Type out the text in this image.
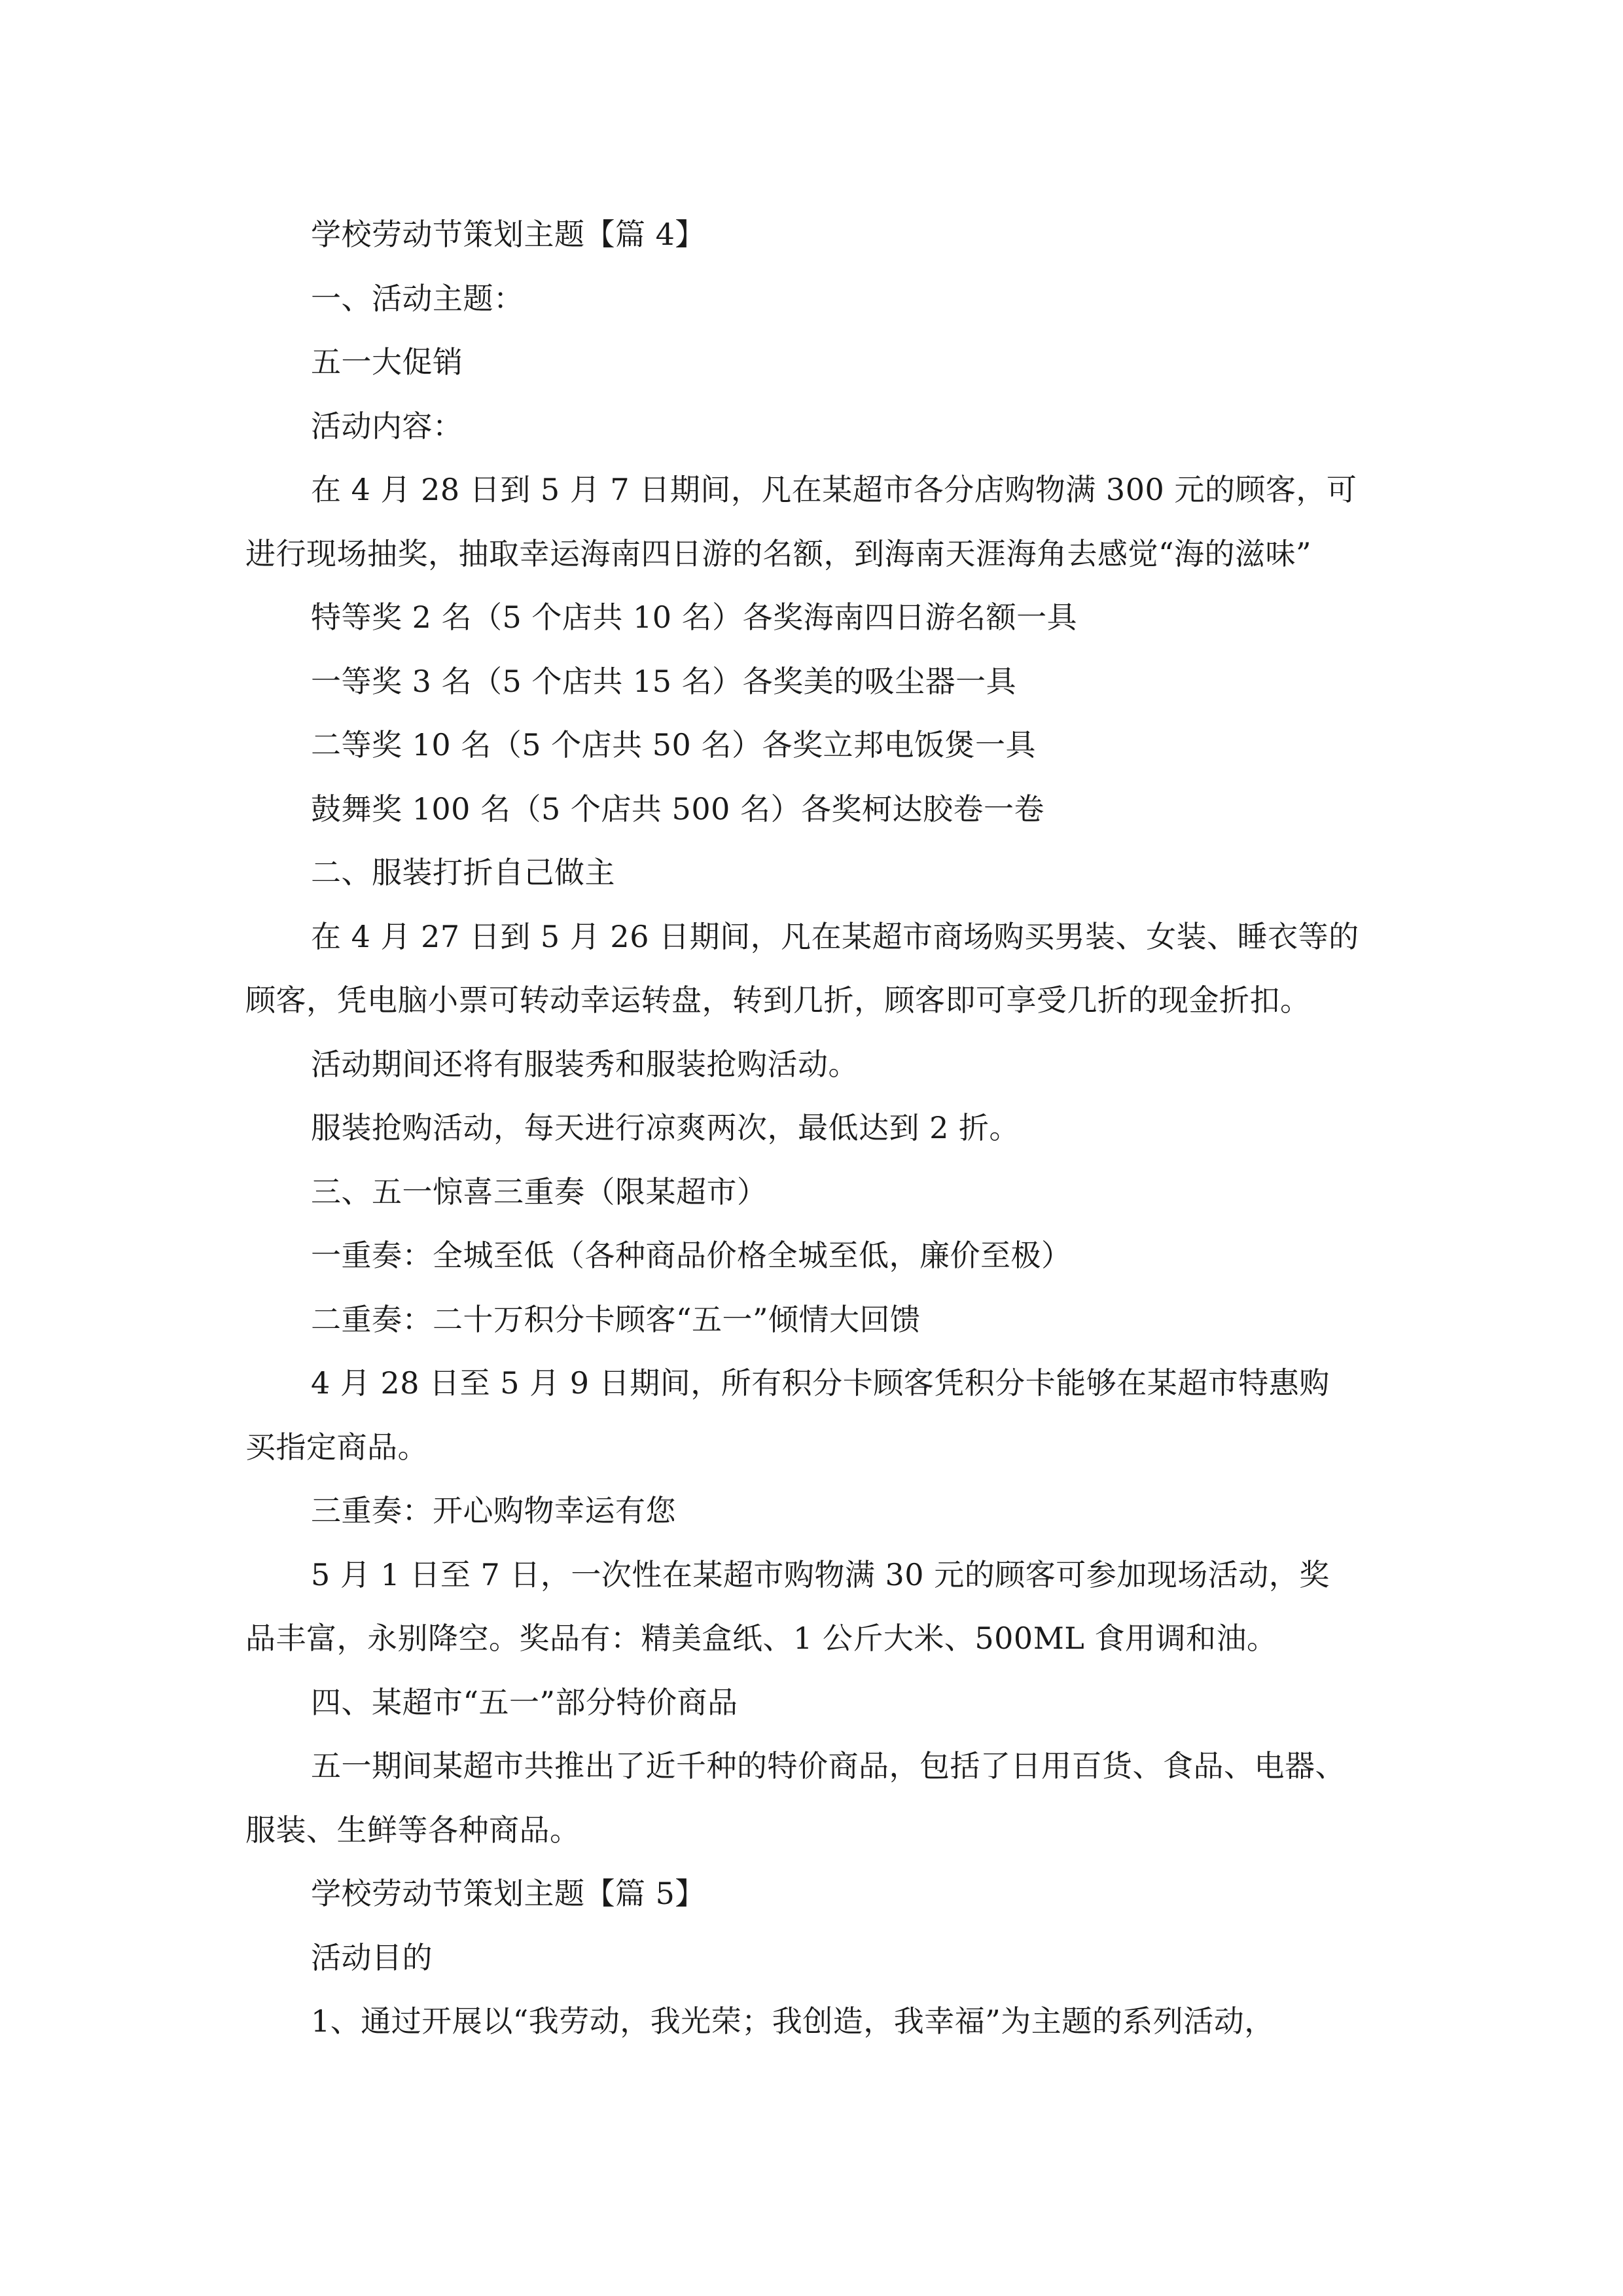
学校劳动节策划主题【篇 4】
一、活动主题：
五一大促销
活动内容：
在 4 月 28 日到 5 月 7 日期间，凡在某超市各分店购物满 300 元的顾客，可
进行现场抽奖，抽取幸运海南四日游的名额，到海南天涯海角去感觉“海的滋味”
特等奖 2 名（5 个店共 10 名）各奖海南四日游名额一具
一等奖 3 名（5 个店共 15 名）各奖美的吸尘器一具
二等奖 10 名（5 个店共 50 名）各奖立邦电饭煲一具
鼓舞奖 100 名（5 个店共 500 名）各奖柯达胶卷一卷
二、服装打折自己做主
在 4 月 27 日到 5 月 26 日期间，凡在某超市商场购买男装、女装、睡衣等的
顾客，凭电脑小票可转动幸运转盘，转到几折，顾客即可享受几折的现金折扣。
活动期间还将有服装秀和服装抢购活动。
服装抢购活动，每天进行凉爽两次，最低达到 2 折。
三、五一惊喜三重奏（限某超市）
一重奏：全城至低（各种商品价格全城至低，廉价至极）
二重奏：二十万积分卡顾客“五一”倾情大回馈
4 月 28 日至 5 月 9 日期间，所有积分卡顾客凭积分卡能够在某超市特惠购
买指定商品。
三重奏：开心购物幸运有您
5 月 1 日至 7 日，一次性在某超市购物满 30 元的顾客可参加现场活动，奖
品丰富，永别降空。奖品有：精美盒纸、1 公斤大米、500ML 食用调和油。
四、某超市“五一”部分特价商品
五一期间某超市共推出了近千种的特价商品，包括了日用百货、食品、电器、
服装、生鲜等各种商品。
学校劳动节策划主题【篇 5】
活动目的
1、通过开展以“我劳动，我光荣；我创造，我幸福”为主题的系列活动，
